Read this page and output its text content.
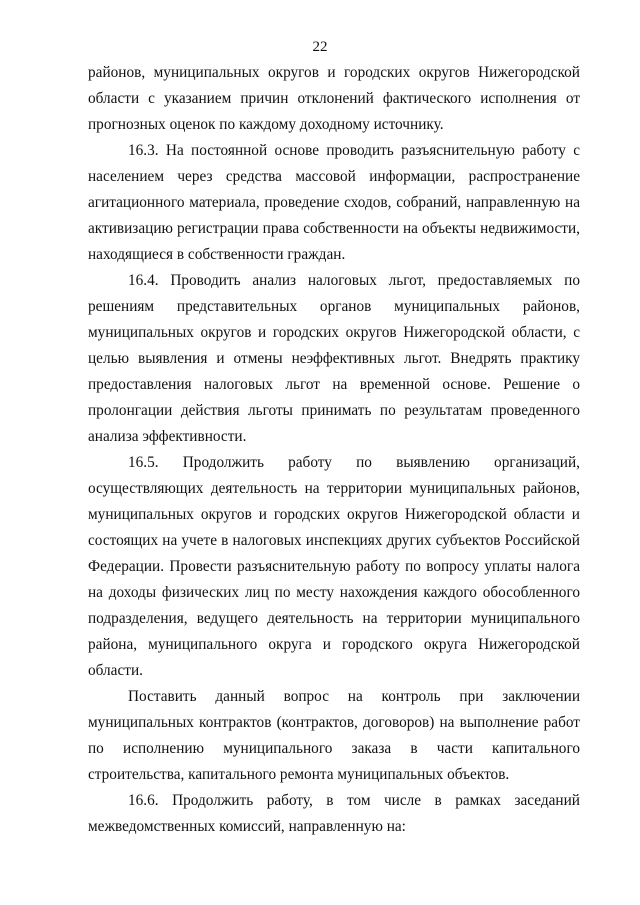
22

районов, муниципальных округов и городских округов Нижегородской области с указанием причин отклонений фактического исполнения от прогнозных оценок по каждому доходному источнику.

16.3. На постоянной основе проводить разъяснительную работу с населением через средства массовой информации, распространение агитационного материала, проведение сходов, собраний, направленную на активизацию регистрации права собственности на объекты недвижимости, находящиеся в собственности граждан.

16.4. Проводить анализ налоговых льгот, предоставляемых по решениям представительных органов муниципальных районов, муниципальных округов и городских округов Нижегородской области, с целью выявления и отмены неэффективных льгот. Внедрять практику предоставления налоговых льгот на временной основе. Решение о пролонгации действия льготы принимать по результатам проведенного анализа эффективности.

16.5. Продолжить работу по выявлению организаций, осуществляющих деятельность на территории муниципальных районов, муниципальных округов и городских округов Нижегородской области и состоящих на учете в налоговых инспекциях других субъектов Российской Федерации. Провести разъяснительную работу по вопросу уплаты налога на доходы физических лиц по месту нахождения каждого обособленного подразделения, ведущего деятельность на территории муниципального района, муниципального округа и городского округа Нижегородской области.

Поставить данный вопрос на контроль при заключении муниципальных контрактов (контрактов, договоров) на выполнение работ по исполнению муниципального заказа в части капитального строительства, капитального ремонта муниципальных объектов.

16.6. Продолжить работу, в том числе в рамках заседаний межведомственных комиссий, направленную на:
